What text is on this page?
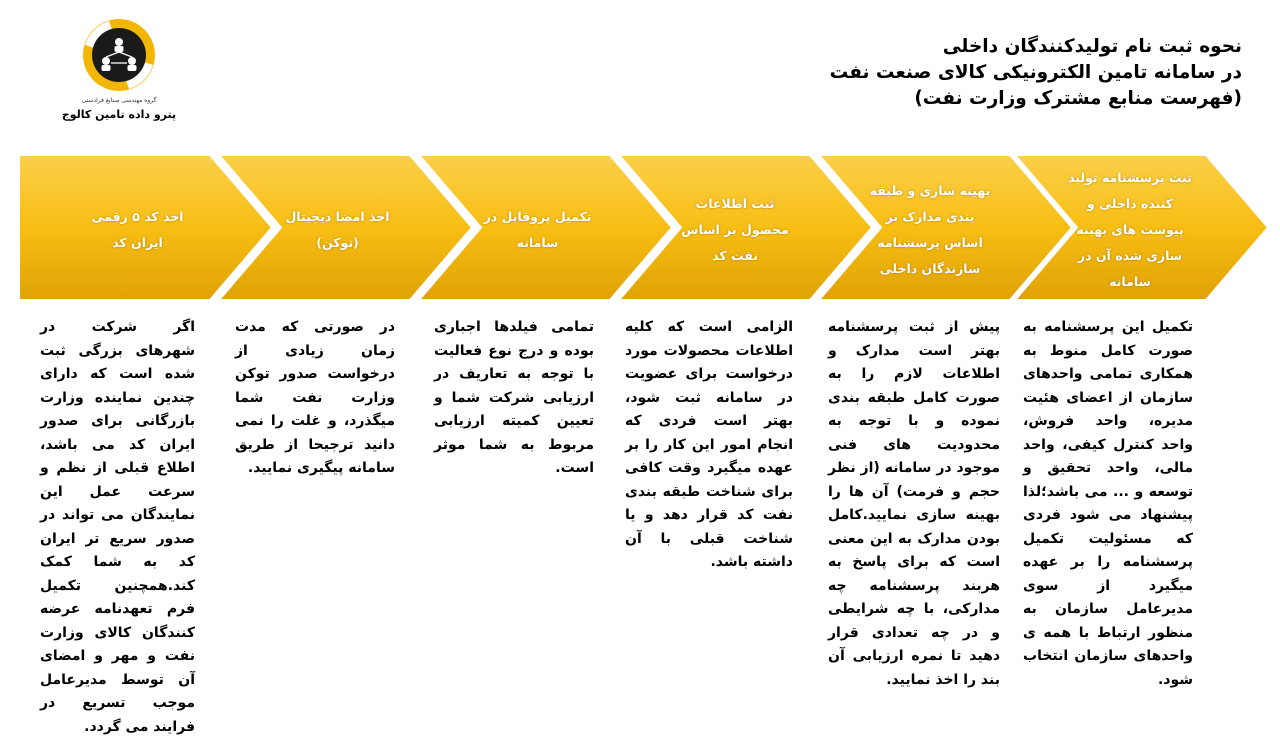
نحوه ثبت نام تولیدکنندگان داخلی
در سامانه تامین الکترونیکی کالای صنعت نفت
(فهرست منابع مشترک وزارت نفت)
گروه مهندسی صنایع فرادستی
پترو داده تامین کالوج
ثبت پرسشنامه تولید
کننده داخلی و
پیوست های بهینه
سازی شده آن در
سامانه
بهینه سازی و طبقه
بندی مدارک بر
اساس پرسشنامه
سازندگان داخلی
ثبت اطلاعات
محصول بر اساس
نفت کد
تکمیل پروفایل در
سامانه
اخذ امضا دیجیتال
(توکن)
اخذ کد ۵ رقمی
ایران کد
تکمیل این پرسشنامه به صورت کامل منوط به همکاری تمامی واحدهای سازمان از اعضای هئیت مدیره، واحد فروش، واحد کنترل کیفی، واحد مالی، واحد تحقیق و توسعه و ... می باشد؛لذا پیشنهاد می شود فردی که مسئولیت تکمیل پرسشنامه را بر عهده میگیرد از سوی مدیرعامل سازمان به منظور ارتباط با همه ی واحدهای سازمان انتخاب شود.
پیش از ثبت پرسشنامه بهتر است مدارک و اطلاعات لازم را به صورت کامل طبقه بندی نموده و با توجه به محدودیت های فنی موجود در سامانه (از نظر حجم و فرمت) آن ها را بهینه سازی نمایید.کامل بودن مدارک به این معنی است که برای پاسخ به هربند پرسشنامه چه مدارکی، با چه شرایطی و در چه تعدادی قرار دهید تا نمره ارزیابی آن بند را اخذ نمایید.
الزامی است که کلیه اطلاعات محصولات مورد درخواست برای عضویت در سامانه ثبت شود، بهتر است فردی که انجام امور این کار را بر عهده میگیرد وقت کافی برای شناخت طبقه بندی نفت کد قرار دهد و یا شناخت قبلی با آن داشته باشد.
تمامی فیلدها اجباری بوده و درج نوع فعالیت با توجه به تعاریف در ارزیابی شرکت شما و تعیین کمیته ارزیابی مربوط به شما موثر است.
در صورتی که مدت زمان زیادی از درخواست صدور توکن وزارت نفت شما میگذرد، و غلت را نمی دانید ترجیحا از طریق سامانه پیگیری نمایید.
اگر شرکت در شهرهای بزرگی ثبت شده است که دارای چندین نماینده وزارت بازرگانی برای صدور ایران کد می باشد، اطلاع قبلی از نظم و سرعت عمل این نمایندگان می تواند در صدور سریع تر ایران کد به شما کمک کند.همچنین تکمیل فرم تعهدنامه عرضه کنندگان کالای وزارت نفت و مهر و امضای آن توسط مدیرعامل موجب تسریع در فرایند می گردد.
